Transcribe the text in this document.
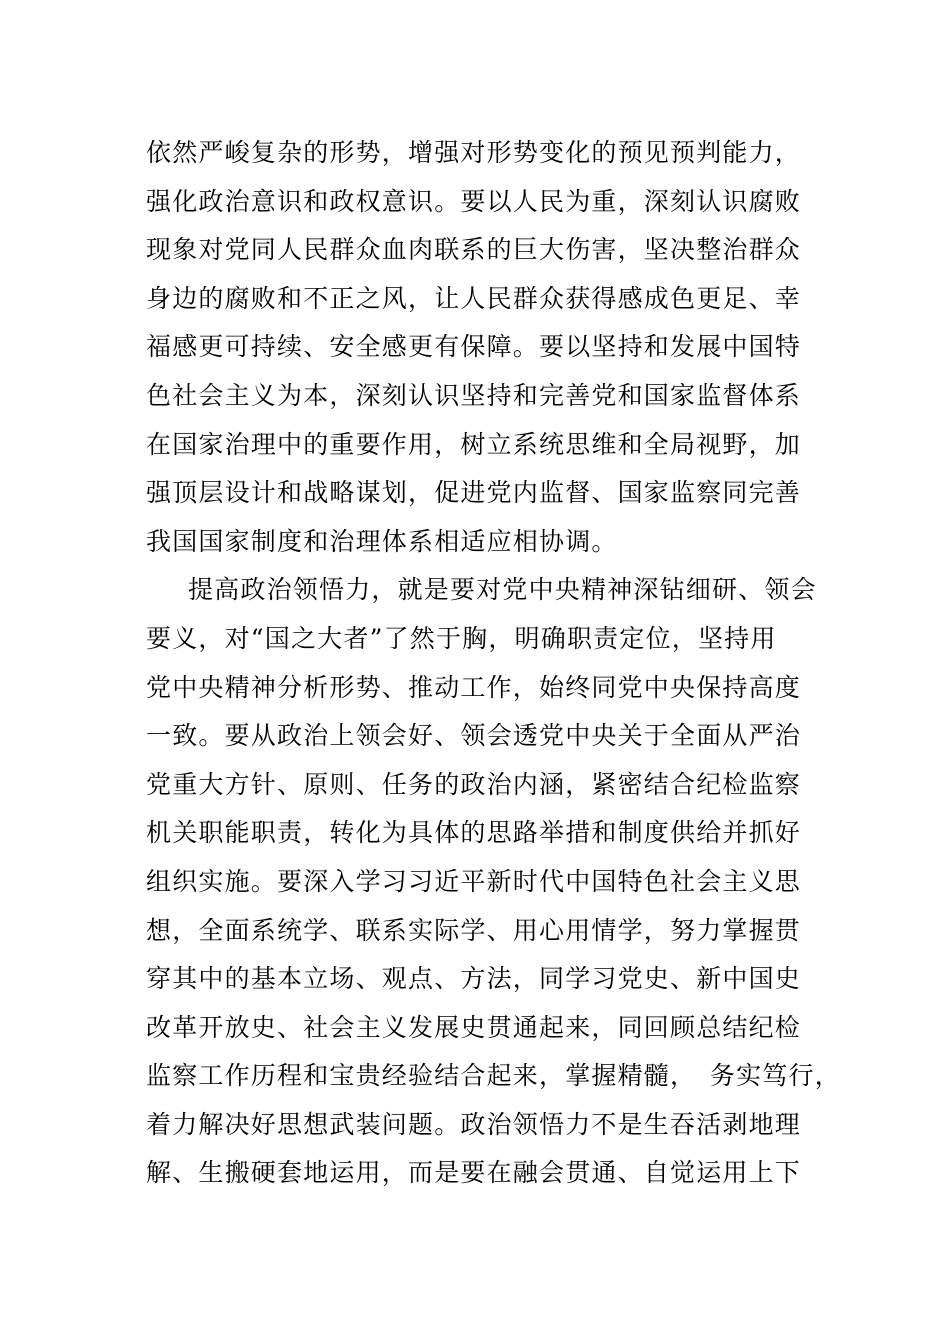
依然严峻复杂的形势，增强对形势变化的预见预判能力，
强化政治意识和政权意识。要以人民为重，深刻认识腐败
现象对党同人民群众血肉联系的巨大伤害，坚决整治群众
身边的腐败和不正之风，让人民群众获得感成色更足、幸
福感更可持续、安全感更有保障。要以坚持和发展中国特
色社会主义为本，深刻认识坚持和完善党和国家监督体系
在国家治理中的重要作用，树立系统思维和全局视野，加
强顶层设计和战略谋划，促进党内监督、国家监察同完善
我国国家制度和治理体系相适应相协调。
提高政治领悟力，就是要对党中央精神深钻细研、领会
要义，对“国之大者”了然于胸，明确职责定位，坚持用
党中央精神分析形势、推动工作，始终同党中央保持高度
一致。要从政治上领会好、领会透党中央关于全面从严治
党重大方针、原则、任务的政治内涵，紧密结合纪检监察
机关职能职责，转化为具体的思路举措和制度供给并抓好
组织实施。要深入学习习近平新时代中国特色社会主义思
想，全面系统学、联系实际学、用心用情学，努力掌握贯
穿其中的基本立场、观点、方法，同学习党史、新中国史
改革开放史、社会主义发展史贯通起来，同回顾总结纪检
监察工作历程和宝贵经验结合起来，掌握精髓，　务实笃行，
着力解决好思想武装问题。政治领悟力不是生吞活剥地理
解、生搬硬套地运用，而是要在融会贯通、自觉运用上下
